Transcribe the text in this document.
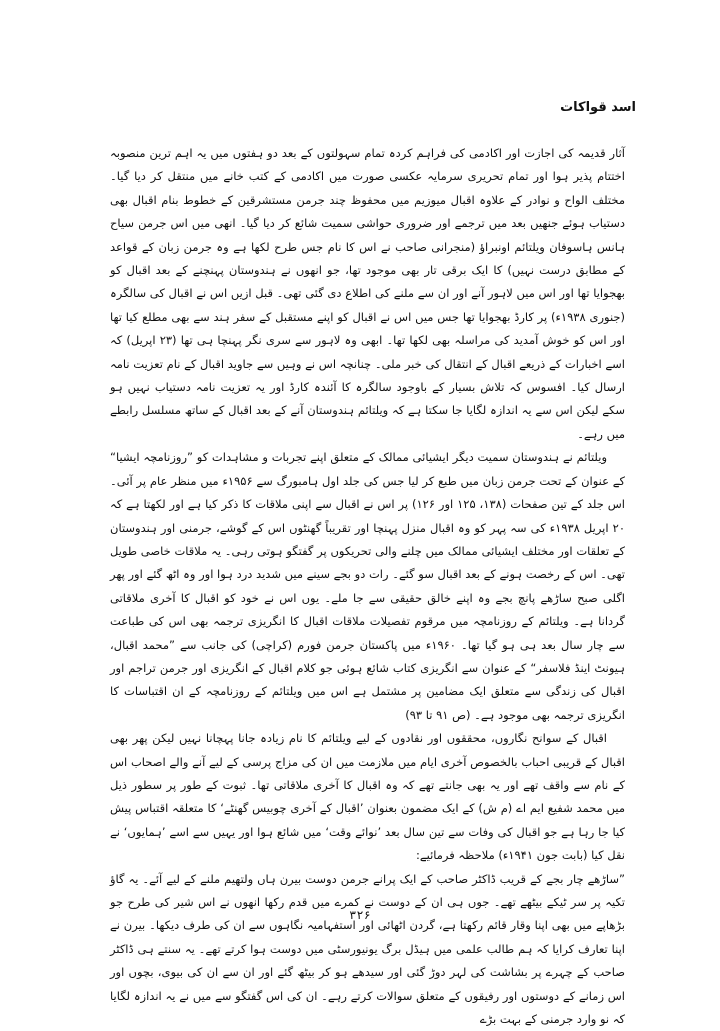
اسد قواکات

آثار قدیمہ کی اجازت اور اکادمی کی فراہم کردہ تمام سہولتوں کے بعد دو ہفتوں میں یہ اہم ترین منصوبہ اختتام پذیر ہوا اور تمام تحریری سرمایہ عکسی صورت میں اکادمی کے کتب خانے میں منتقل کر دیا گیا۔ مختلف الواح و نوادر کے علاوہ اقبال میوزیم میں محفوظ چند جرمن مستشرقین کے خطوط بنام اقبال بھی دستیاب ہوئے جنھیں بعد میں ترجمے اور ضروری حواشی سمیت شائع کر دیا گیا۔ انھی میں اس جرمن سیاح ہانس ہاسوفان ویلتائم اونبراؤ (منجرانی صاحب نے اس کا نام جس طرح لکھا ہے وہ جرمن زبان کے قواعد کے مطابق درست نہیں) کا ایک برقی تار بھی موجود تھا، جو انھوں نے ہندوستان پہنچنے کے بعد اقبال کو بھجوایا تھا اور اس میں لاہور آنے اور ان سے ملنے کی اطلاع دی گئی تھی۔ قبل ازیں اس نے اقبال کی سالگرہ (جنوری ۱۹۳۸ء) پر کارڈ بھجوایا تھا جس میں اس نے اقبال کو اپنے مستقبل کے سفر ہند سے بھی مطلع کیا تھا اور اس کو خوش آمدید کی مراسلہ بھی لکھا تھا۔ ابھی وہ لاہور سے سری نگر پہنچا ہی تھا (۲۳ اپریل) کہ اسے اخبارات کے ذریعے اقبال کے انتقال کی خبر ملی۔ چنانچہ اس نے وہیں سے جاوید اقبال کے نام تعزیت نامہ ارسال کیا۔ افسوس کہ تلاش بسیار کے باوجود سالگرہ کا آئندہ کارڈ اور یہ تعزیت نامہ دستیاب نہیں ہو سکے لیکن اس سے یہ اندازہ لگایا جا سکتا ہے کہ ویلتائم ہندوستان آنے کے بعد اقبال کے ساتھ مسلسل رابطے میں رہے۔

ویلتائم نے ہندوستان سمیت دیگر ایشیائی ممالک کے متعلق اپنے تجربات و مشاہدات کو ”روزنامچہ ایشیا“ کے عنوان کے تحت جرمن زبان میں طبع کر لیا جس کی جلد اول ہامبورگ سے ۱۹۵۶ء میں منظر عام پر آئی۔ اس جلد کے تین صفحات (۱۳۸، ۱۲۵ اور ۱۲۶) پر اس نے اقبال سے اپنی ملاقات کا ذکر کیا ہے اور لکھتا ہے کہ ۲۰ اپریل ۱۹۳۸ء کی سہ پہر کو وہ اقبال منزل پہنچا اور تقریباً گھنٹوں اس کے گوشے، جرمنی اور ہندوستان کے تعلقات اور مختلف ایشیائی ممالک میں چلنے والی تحریکوں پر گفتگو ہوتی رہی۔ یہ ملاقات خاصی طویل تھی۔ اس کے رخصت ہونے کے بعد اقبال سو گئے۔ رات دو بجے سینے میں شدید درد ہوا اور وہ اٹھ گئے اور پھر اگلی صبح ساڑھے پانچ بجے وہ اپنے خالق حقیقی سے جا ملے۔ یوں اس نے خود کو اقبال کا آخری ملاقاتی گردانا ہے۔ ویلتائم کے روزنامچہ میں مرقوم تفصیلات ملاقات اقبال کا انگریزی ترجمہ بھی اس کی طباعت سے چار سال بعد ہی ہو گیا تھا۔ ۱۹۶۰ء میں پاکستان جرمن فورم (کراچی) کی جانب سے ”محمد اقبال، ہیونٹ اینڈ فلاسفر“ کے عنوان سے انگریزی کتاب شائع ہوئی جو کلام اقبال کے انگریزی اور جرمن تراجم اور اقبال کی زندگی سے متعلق ایک مضامین پر مشتمل ہے اس میں ویلتائم کے روزنامچہ کے ان اقتباسات کا انگریزی ترجمہ بھی موجود ہے۔ (ص ۹۱ تا ۹۳)

اقبال کے سوانح نگاروں، محققوں اور نقادوں کے لیے ویلتائم کا نام زیادہ جانا پہچانا نہیں لیکن پھر بھی اقبال کے قریبی احباب بالخصوص آخری ایام میں ملازمت میں ان کی مزاج پرسی کے لیے آنے والے اصحاب اس کے نام سے واقف تھے اور یہ بھی جانتے تھے کہ وہ اقبال کا آخری ملاقاتی تھا۔ ثبوت کے طور پر سطور ذیل میں محمد شفیع ایم اے (م ش) کے ایک مضمون بعنوان ’اقبال کے آخری چوبیس گھنٹے‘ کا متعلقہ اقتباس پیش کیا جا رہا ہے جو اقبال کی وفات سے تین سال بعد ’نوائے وقت‘ میں شائع ہوا اور یہیں سے اسے ’ہمایوں‘ نے نقل کیا (بابت جون ۱۹۴۱ء) ملاحظہ فرمائیے:

”ساڑھے چار بجے کے قریب ڈاکٹر صاحب کے ایک پرانے جرمن دوست بیرن ہاں ولتھیم ملنے کے لیے آئے۔ یہ گاؤ تکیہ پر سر ٹیکے بیٹھے تھے۔ جوں ہی ان کے دوست نے کمرے میں قدم رکھا انھوں نے اس شیر کی طرح جو بڑھاپے میں بھی اپنا وقار قائم رکھتا ہے، گردن اٹھائی اور استفہامیہ نگاہوں سے ان کی طرف دیکھا۔ بیرن نے اپنا تعارف کرایا کہ ہم طالب علمی میں ہیڈل برگ یونیورسٹی میں دوست ہوا کرتے تھے۔ یہ سنتے ہی ڈاکٹر صاحب کے چہرے پر بشاشت کی لہر دوڑ گئی اور سیدھے ہو کر بیٹھ گئے اور ان سے ان کی بیوی، بچوں اور اس زمانے کے دوستوں اور رفیقوں کے متعلق سوالات کرتے رہے۔ ان کی اس گفتگو سے میں نے یہ اندازہ لگایا کہ نو وارد جرمنی کے بہت بڑے

۳۲۶
